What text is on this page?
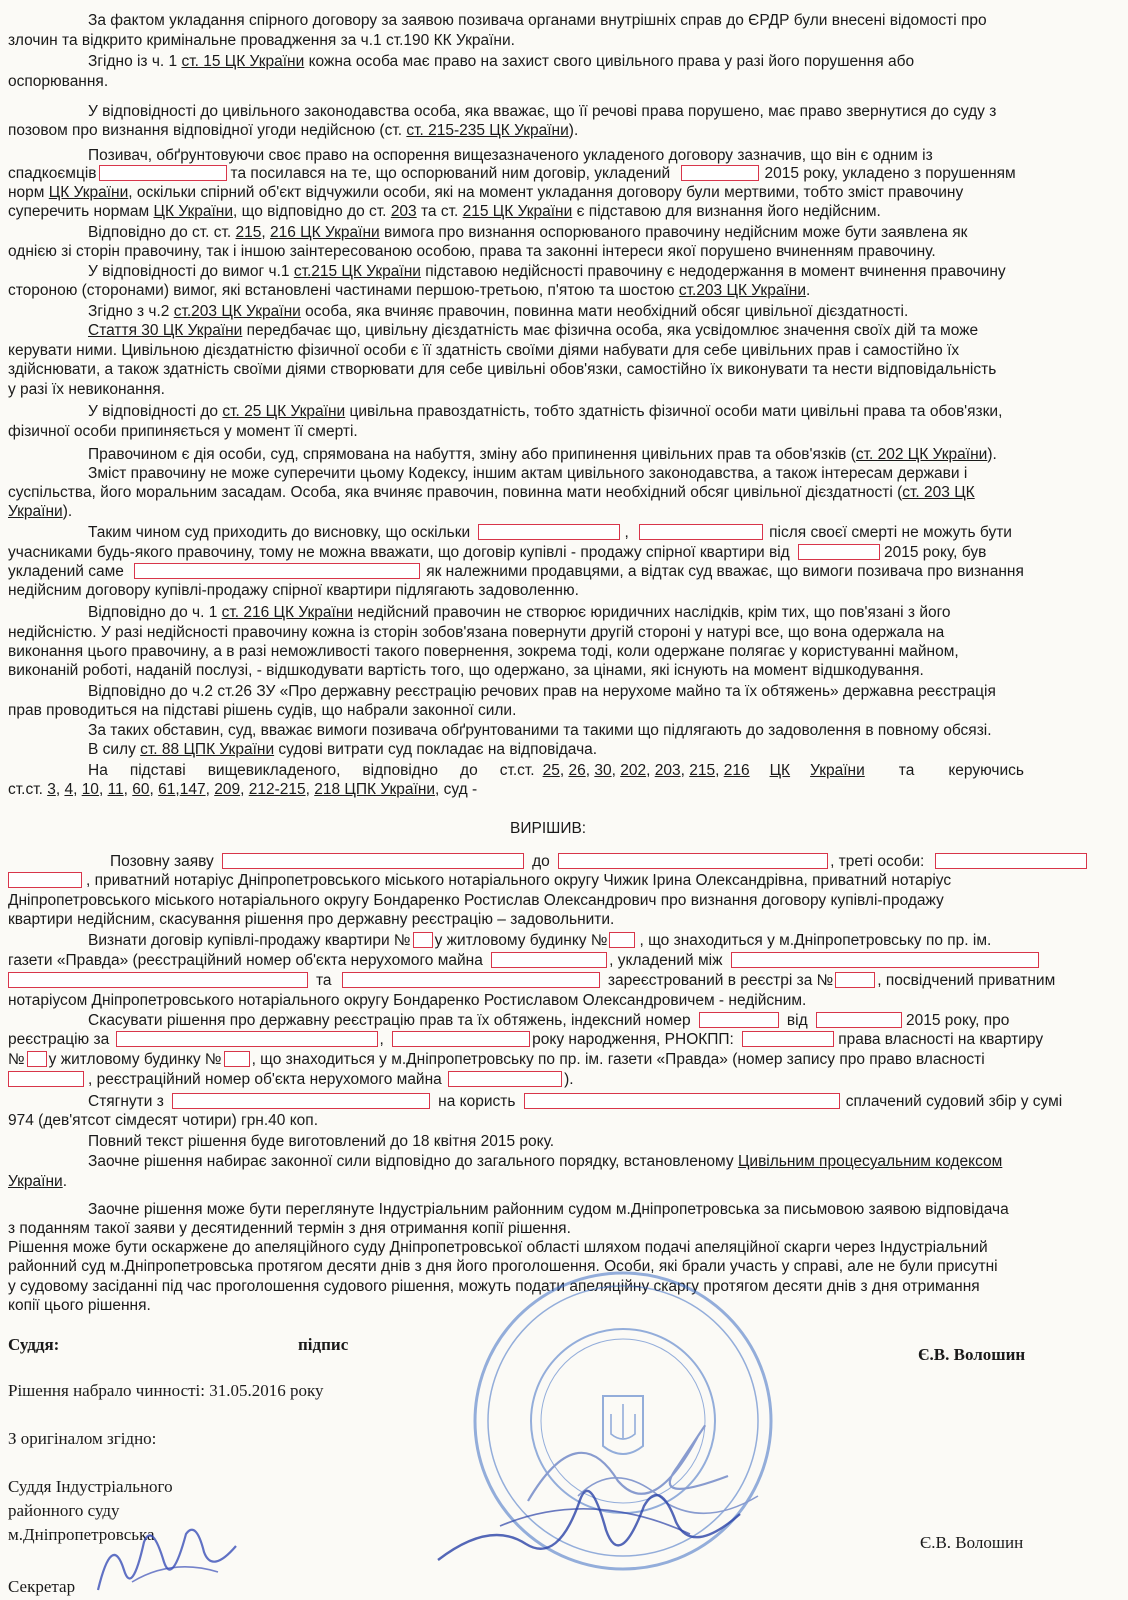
За фактом укладання спірного договору за заявою позивача органами внутрішніх справ до ЄРДР були внесені відомості про
злочин та відкрито кримінальне провадження за ч.1 ст.190 КК України.
Згідно із ч. 1 ст. 15 ЦК України кожна особа має право на захист свого цивільного права у разі його порушення або
оспорювання.
У відповідності до цивільного законодавства особа, яка вважає, що її речові права порушено, має право звернутися до суду з
позовом про визнання відповідної угоди недійсною (ст. ст. 215-235 ЦК України).
Позивач, обґрунтовуючи своє право на оспорення вищезазначеного укладеного договору зазначив, що він є одним із
спадкоємців	та посилався на те, що оспорюваний ним договір, укладений	2015 року, укладено з порушенням
норм ЦК України, оскільки спірний об'єкт відчужили особи, які на момент укладання договору були мертвими, тобто зміст правочину
суперечить нормам ЦК України, що відповідно до ст. 203 та ст. 215 ЦК України є підставою для визнання його недійсним.
Відповідно до ст. ст. 215, 216 ЦК України вимога про визнання оспорюваного правочину недійсним може бути заявлена як
однією зі сторін правочину, так і іншою заінтересованою особою, права та законні інтереси якої порушено вчиненням правочину.
У відповідності до вимог ч.1 ст.215 ЦК України підставою недійсності правочину є недодержання в момент вчинення правочину
стороною (сторонами) вимог, які встановлені частинами першою-третьою, п'ятою та шостою ст.203 ЦК України.
Згідно з ч.2 ст.203 ЦК України особа, яка вчиняє правочин, повинна мати необхідний обсяг цивільної дієздатності.
Стаття 30 ЦК України передбачає що, цивільну дієздатність має фізична особа, яка усвідомлює значення своїх дій та може
керувати ними. Цивільною дієздатністю фізичної особи є її здатність своїми діями набувати для себе цивільних прав і самостійно їх
здійснювати, а також здатність своїми діями створювати для себе цивільні обов'язки, самостійно їх виконувати та нести відповідальність
у разі їх невиконання.
У відповідності до ст. 25 ЦК України цивільна правоздатність, тобто здатність фізичної особи мати цивільні права та обов'язки,
фізичної особи припиняється у момент її смерті.
Правочином є дія особи, суд, спрямована на набуття, зміну або припинення цивільних прав та обов'язків (ст. 202 ЦК України).
Зміст правочину не може суперечити цьому Кодексу, іншим актам цивільного законодавства, а також інтересам держави і
суспільства, його моральним засадам. Особа, яка вчиняє правочин, повинна мати необхідний обсяг цивільної дієздатності (ст. 203 ЦК
України).
Таким чином суд приходить до висновку, що оскільки	,	після своєї смерті не можуть бути
учасниками будь-якого правочину, тому не можна вважати, що договір купівлі - продажу спірної квартири від	2015 року, був
укладений саме	як належними продавцями, а відтак суд вважає, що вимоги позивача про визнання
недійсним договору купівлі-продажу спірної квартири підлягають задоволенню.
Відповідно до ч. 1 ст. 216 ЦК України недійсний правочин не створює юридичних наслідків, крім тих, що пов'язані з його
недійсністю. У разі недійсності правочину кожна із сторін зобов'язана повернути другій стороні у натурі все, що вона одержала на
виконання цього правочину, а в разі неможливості такого повернення, зокрема тоді, коли одержане полягає у користуванні майном,
виконаній роботі, наданій послузі, - відшкодувати вартість того, що одержано, за цінами, які існують на момент відшкодування.
Відповідно до ч.2 ст.26 ЗУ «Про державну реєстрацію речових прав на нерухоме майно та їх обтяжень» державна реєстрація
прав проводиться на підставі рішень судів, що набрали законної сили.
За таких обставин, суд, вважає вимоги позивача обґрунтованими та такими що підлягають до задоволення в повному обсязі.
В силу ст. 88 ЦПК України судові витрати суд покладає на відповідача.
На підставі вищевикладеного, відповідно до ст.ст. 25, 26, 30, 202, 203, 215, 216 ЦК України та керуючись
ст.ст. 3, 4, 10, 11, 60, 61,147, 209, 212-215, 218 ЦПК України, суд -
ВИРІШИВ:
Позовну заяву	до	, треті особи:
, приватний нотаріус Дніпропетровського міського нотаріального округу Чижик Ірина Олександрівна, приватний нотаріус
Дніпропетровського міського нотаріального округу Бондаренко Ростислав Олександрович про визнання договору купівлі-продажу
квартири недійсним, скасування рішення про державну реєстрацію – задовольнити.
Визнати договір купівлі-продажу квартири № у житловому будинку № , що знаходиться у м.Дніпропетровську по пр. ім.
газети «Правда» (реєстраційний номер об'єкта нерухомого майна	, укладений між
та	зареєстрований в реєстрі за №	, посвідчений приватним
нотаріусом Дніпропетровського нотаріального округу Бондаренко Ростиславом Олександровичем - недійсним.
Скасувати рішення про державну реєстрацію прав та їх обтяжень, індексний номер	від	2015 року, про
реєстрацію за	,	року народження, РНОКПП:	права власності на квартиру
№ у житловому будинку № , що знаходиться у м.Дніпропетровську по пр. ім. газети «Правда» (номер запису про право власності
, реєстраційний номер об'єкта нерухомого майна	).
Стягнути з	на користь	сплачений судовий збір у сумі
974 (дев'ятсот сімдесят чотири) грн.40 коп.
Повний текст рішення буде виготовлений до 18 квітня 2015 року.
Заочне рішення набирає законної сили відповідно до загального порядку, встановленому Цивільним процесуальним кодексом
України.
Заочне рішення може бути переглянуте Індустріальним районним судом м.Дніпропетровська за письмовою заявою відповідача
з поданням такої заяви у десятиденний термін з дня отримання копії рішення.
Рішення може бути оскаржене до апеляційного суду Дніпропетровської області шляхом подачі апеляційної скарги через Індустріальний
районний суд м.Дніпропетровська протягом десяти днів з дня його проголошення. Особи, які брали участь у справі, але не були присутні
у судовому засіданні під час проголошення судового рішення, можуть подати апеляційну скаргу протягом десяти днів з дня отримання
копії цього рішення.
Суддя:	підпис
Є.В. Волошин
Рішення набрало чинності: 31.05.2016 року
З оригіналом згідно:
Суддя Індустріального
районного суду
м.Дніпропетровська	Є.В. Волошин
Секретар
